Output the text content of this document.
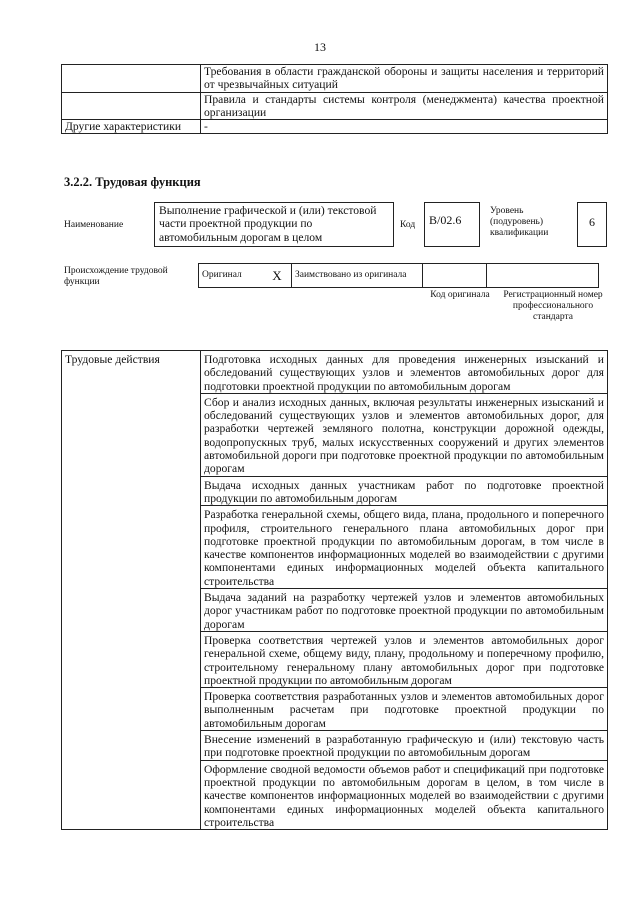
13
	Требования в области гражданской обороны и защиты населения и территорий от чрезвычайных ситуаций
	Правила и стандарты системы контроля (менеджмента) качества проектной организации
Другие характеристики	-
3.2.2. Трудовая функция
Наименование
Выполнение графической и (или) текстовой части проектной продукции по автомобильным дорогам в целом
Код	B/02.6
Уровень (подуровень) квалификации
6
Происхождение трудовой функции
Оригинал	X	Заимствовано из оригинала		
Код оригинала Регистрационный номер профессионального стандарта
Трудовые действия	Подготовка исходных данных для проведения инженерных изысканий и обследований существующих узлов и элементов автомобильных дорог для подготовки проектной продукции по автомобильным дорогам
Сбор и анализ исходных данных, включая результаты инженерных изысканий и обследований существующих узлов и элементов автомобильных дорог, для разработки чертежей земляного полотна, конструкции дорожной одежды, водопропускных труб, малых искусственных сооружений и других элементов автомобильной дороги при подготовке проектной продукции по автомобильным дорогам
Выдача исходных данных участникам работ по подготовке проектной продукции по автомобильным дорогам
Разработка генеральной схемы, общего вида, плана, продольного и поперечного профиля, строительного генерального плана автомобильных дорог при подготовке проектной продукции по автомобильным дорогам, в том числе в качестве компонентов информационных моделей во взаимодействии с другими компонентами единых информационных моделей объекта капитального строительства
Выдача заданий на разработку чертежей узлов и элементов автомобильных дорог участникам работ по подготовке проектной продукции по автомобильным дорогам
Проверка соответствия чертежей узлов и элементов автомобильных дорог генеральной схеме, общему виду, плану, продольному и поперечному профилю, строительному генеральному плану автомобильных дорог при подготовке проектной продукции по автомобильным дорогам
Проверка соответствия разработанных узлов и элементов автомобильных дорог выполненным расчетам при подготовке проектной продукции по автомобильным дорогам
Внесение изменений в разработанную графическую и (или) текстовую часть при подготовке проектной продукции по автомобильным дорогам
Оформление сводной ведомости объемов работ и спецификаций при подготовке проектной продукции по автомобильным дорогам в целом, в том числе в качестве компонентов информационных моделей во взаимодействии с другими компонентами единых информационных моделей объекта капитального строительства
